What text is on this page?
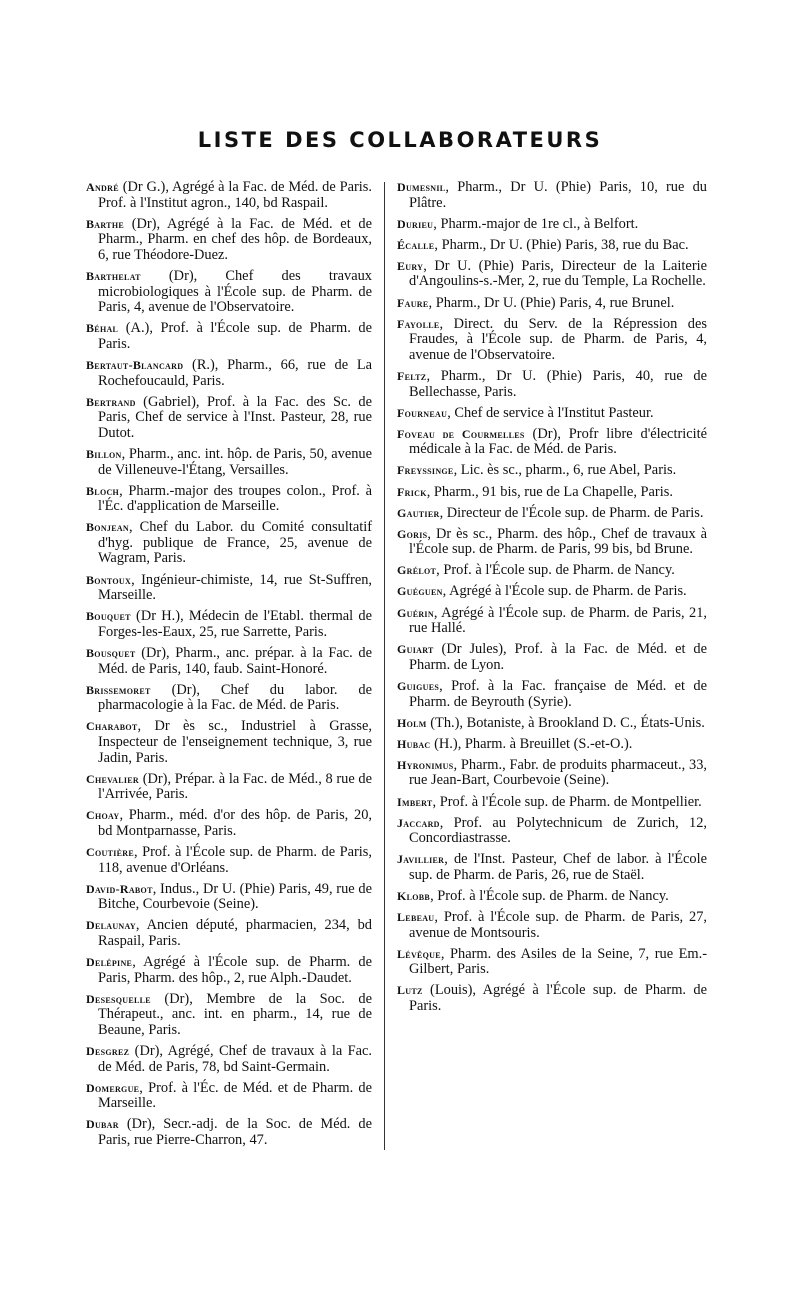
LISTE DES COLLABORATEURS

André (Dr G.), Agrégé à la Fac. de Méd. de Paris. Prof. à l'Institut agron., 140, bd Raspail.

Barthe (Dr), Agrégé à la Fac. de Méd. et de Pharm., Pharm. en chef des hôp. de Bordeaux, 6, rue Théodore-Duez.

Barthelat (Dr), Chef des travaux microbiologiques à l'École sup. de Pharm. de Paris, 4, avenue de l'Observatoire.

Béhal (A.), Prof. à l'École sup. de Pharm. de Paris.

Bertaut-Blancard (R.), Pharm., 66, rue de La Rochefoucauld, Paris.

Bertrand (Gabriel), Prof. à la Fac. des Sc. de Paris, Chef de service à l'Inst. Pasteur, 28, rue Dutot.

Billon, Pharm., anc. int. hôp. de Paris, 50, avenue de Villeneuve-l'Étang, Versailles.

Bloch, Pharm.-major des troupes colon., Prof. à l'Éc. d'application de Marseille.

Bonjean, Chef du Labor. du Comité consultatif d'hyg. publique de France, 25, avenue de Wagram, Paris.

Bontoux, Ingénieur-chimiste, 14, rue St-Suffren, Marseille.

Bouquet (Dr H.), Médecin de l'Etabl. thermal de Forges-les-Eaux, 25, rue Sarrette, Paris.

Bousquet (Dr), Pharm., anc. prépar. à la Fac. de Méd. de Paris, 140, faub. Saint-Honoré.

Brissemoret (Dr), Chef du labor. de pharmacologie à la Fac. de Méd. de Paris.

Charabot, Dr ès sc., Industriel à Grasse, Inspecteur de l'enseignement technique, 3, rue Jadin, Paris.

Chevalier (Dr), Prépar. à la Fac. de Méd., 8 rue de l'Arrivée, Paris.

Choay, Pharm., méd. d'or des hôp. de Paris, 20, bd Montparnasse, Paris.

Coutière, Prof. à l'École sup. de Pharm. de Paris, 118, avenue d'Orléans.

David-Rabot, Indus., Dr U. (Phie) Paris, 49, rue de Bitche, Courbevoie (Seine).

Delaunay, Ancien député, pharmacien, 234, bd Raspail, Paris.

Delépine, Agrégé à l'École sup. de Pharm. de Paris, Pharm. des hôp., 2, rue Alph.-Daudet.

Desesquelle (Dr), Membre de la Soc. de Thérapeut., anc. int. en pharm., 14, rue de Beaune, Paris.

Desgrez (Dr), Agrégé, Chef de travaux à la Fac. de Méd. de Paris, 78, bd Saint-Germain.

Domergue, Prof. à l'Éc. de Méd. et de Pharm. de Marseille.

Dubar (Dr), Secr.-adj. de la Soc. de Méd. de Paris, rue Pierre-Charron, 47.

Dumesnil, Pharm., Dr U. (Phie) Paris, 10, rue du Plâtre.

Durieu, Pharm.-major de 1re cl., à Belfort.

Écalle, Pharm., Dr U. (Phie) Paris, 38, rue du Bac.

Eury, Dr U. (Phie) Paris, Directeur de la Laiterie d'Angoulins-s.-Mer, 2, rue du Temple, La Rochelle.

Faure, Pharm., Dr U. (Phie) Paris, 4, rue Brunel.

Fayolle, Direct. du Serv. de la Répression des Fraudes, à l'École sup. de Pharm. de Paris, 4, avenue de l'Observatoire.

Feltz, Pharm., Dr U. (Phie) Paris, 40, rue de Bellechasse, Paris.

Fourneau, Chef de service à l'Institut Pasteur.

Foveau de Courmelles (Dr), Profr libre d'électricité médicale à la Fac. de Méd. de Paris.

Freyssinge, Lic. ès sc., pharm., 6, rue Abel, Paris.

Frick, Pharm., 91 bis, rue de La Chapelle, Paris.

Gautier, Directeur de l'École sup. de Pharm. de Paris.

Goris, Dr ès sc., Pharm. des hôp., Chef de travaux à l'École sup. de Pharm. de Paris, 99 bis, bd Brune.

Grélot, Prof. à l'École sup. de Pharm. de Nancy.

Guéguen, Agrégé à l'École sup. de Pharm. de Paris.

Guérin, Agrégé à l'École sup. de Pharm. de Paris, 21, rue Hallé.

Guiart (Dr Jules), Prof. à la Fac. de Méd. et de Pharm. de Lyon.

Guigues, Prof. à la Fac. française de Méd. et de Pharm. de Beyrouth (Syrie).

Holm (Th.), Botaniste, à Brookland D. C., États-Unis.

Hubac (H.), Pharm. à Breuillet (S.-et-O.).

Hyronimus, Pharm., Fabr. de produits pharmaceut., 33, rue Jean-Bart, Courbevoie (Seine).

Imbert, Prof. à l'École sup. de Pharm. de Montpellier.

Jaccard, Prof. au Polytechnicum de Zurich, 12, Concordiastrasse.

Javillier, de l'Inst. Pasteur, Chef de labor. à l'École sup. de Pharm. de Paris, 26, rue de Staël.

Klobb, Prof. à l'École sup. de Pharm. de Nancy.

Lebeau, Prof. à l'École sup. de Pharm. de Paris, 27, avenue de Montsouris.

Lévêque, Pharm. des Asiles de la Seine, 7, rue Em.-Gilbert, Paris.

Lutz (Louis), Agrégé à l'École sup. de Pharm. de Paris.
